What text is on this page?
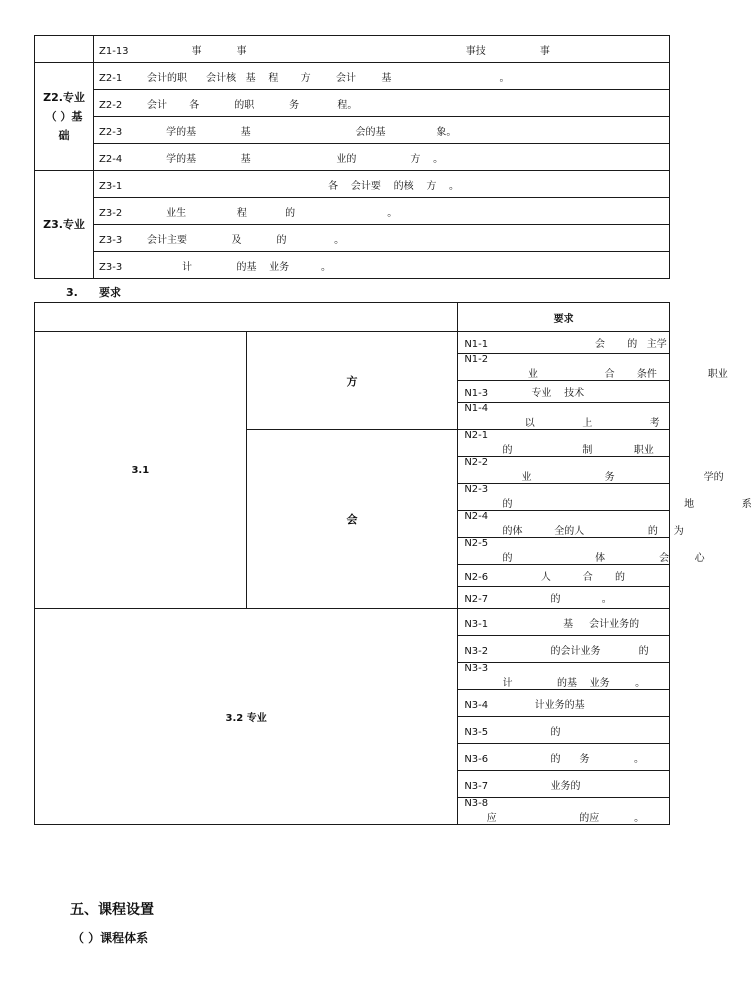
	Z1-13              事           事                                                                     事技                 事

Z2.专业
（ ）基
础	Z2-1 会计的职      会计核   基    程       方        会计        基                                  。
	Z2-2 会计       各           的职           务            程。
	Z2-3      学的基              基                                 会的基                象。
	Z2-4      学的基              基                           业的                 方    。

Z3.专业	Z3-1                                                         各    会计要    的核    方    。
	Z3-2      业生                程            的                             。
	Z3-3 会计主要              及           的               。
	Z3-3           计              的基    业务          。
3. 要求
		要求
3.1	方	N1-1                          会       的   主学
		N1-2                    业                     合       条件                职业
		N1-3      专业    技术
		N1-4                   以               上                  考
	会	N2-1            的                      制             职业
		N2-2                  业                       务                            学的
		N2-3            的                                                      地               系
		N2-4            的体          全的人                    的     为
		N2-5            的                          体                 会        心
		N2-6         人          合       的
		N2-7            的             。
3.2 专业		N3-1                基     会计业务的
		N3-2            的会计业务            的
		N3-3            计              的基    业务        。
		N3-4       计业务的基
		N3-5            的
		N3-6            的      务              。
		N3-7            业务的
		N3-8       应                          的应           。
五、课程设置
（ ）课程体系
